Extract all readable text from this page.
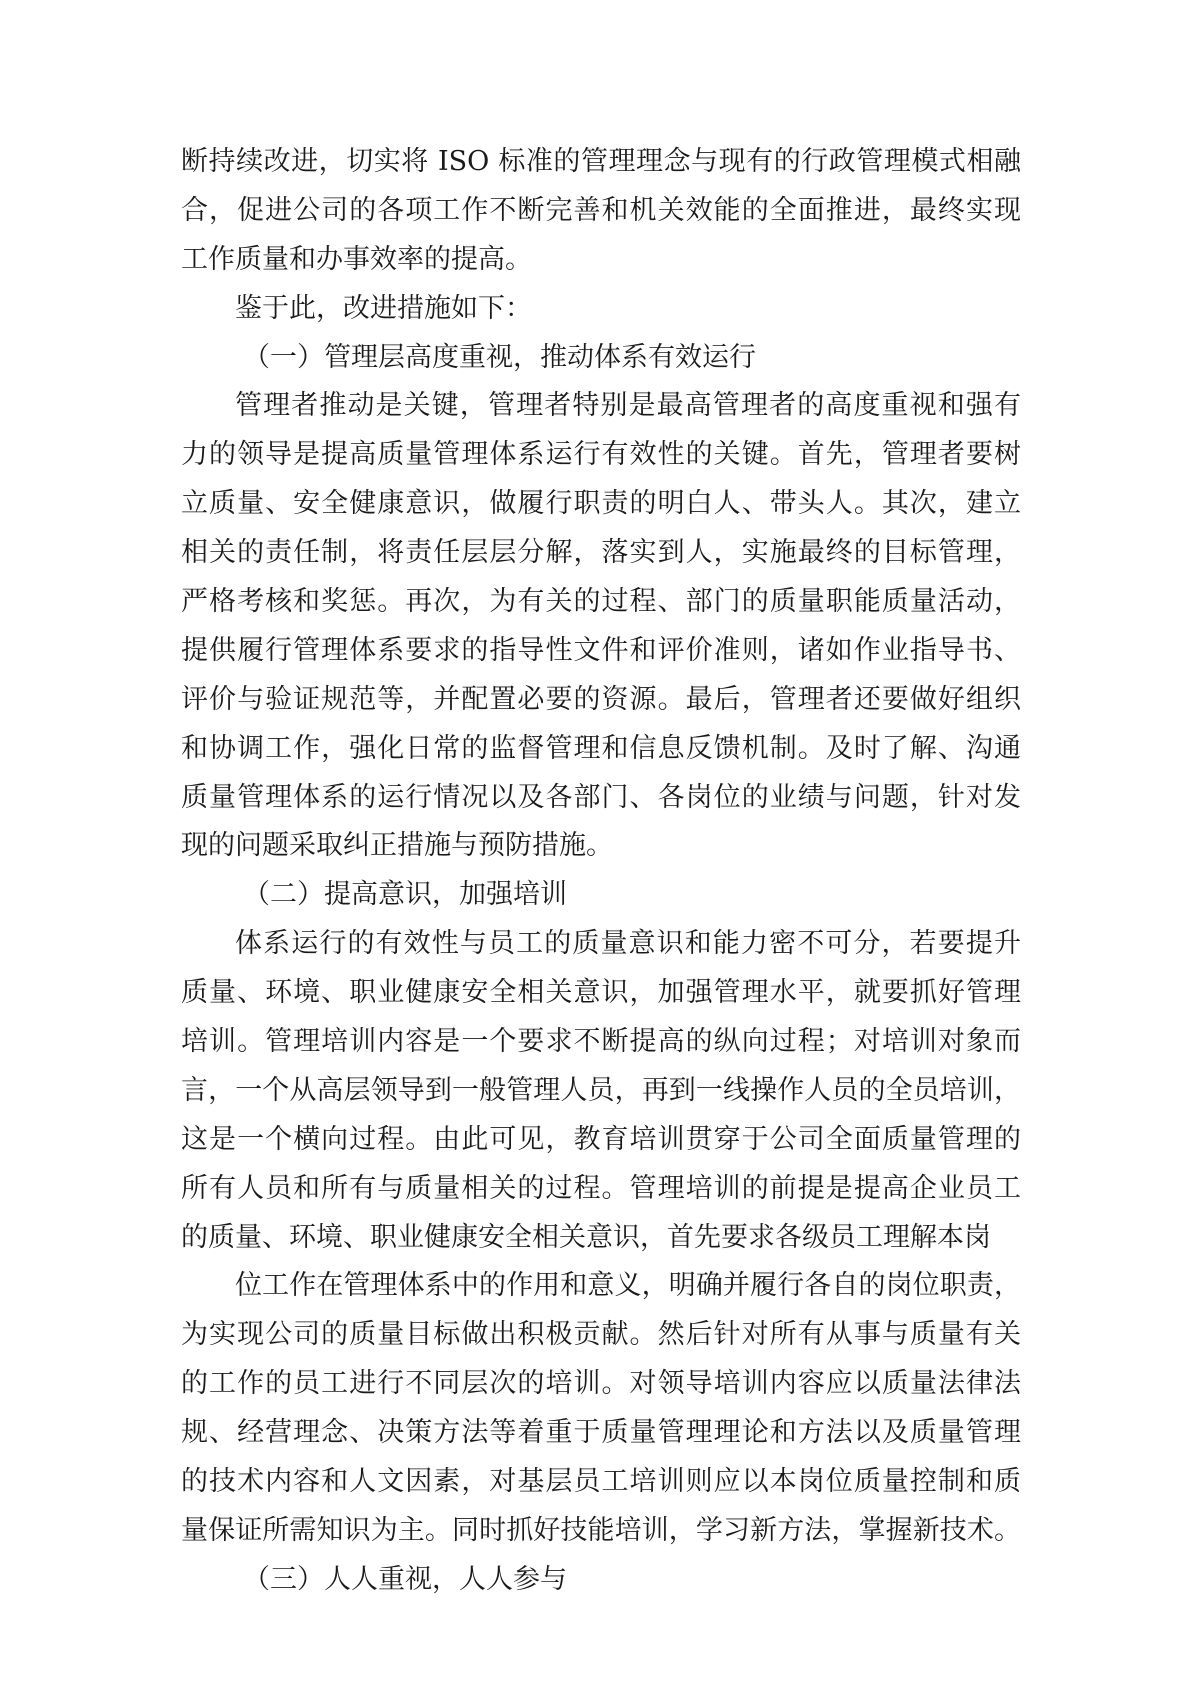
断持续改进，切实将 ISO 标准的管理理念与现有的行政管理模式相融
合，促进公司的各项工作不断完善和机关效能的全面推进，最终实现
工作质量和办事效率的提高。
鉴于此，改进措施如下：
（一）管理层高度重视，推动体系有效运行
管理者推动是关键，管理者特别是最高管理者的高度重视和强有
力的领导是提高质量管理体系运行有效性的关键。首先，管理者要树
立质量、安全健康意识，做履行职责的明白人、带头人。其次，建立
相关的责任制，将责任层层分解，落实到人，实施最终的目标管理，
严格考核和奖惩。再次，为有关的过程、部门的质量职能质量活动，
提供履行管理体系要求的指导性文件和评价准则，诸如作业指导书、
评价与验证规范等，并配置必要的资源。最后，管理者还要做好组织
和协调工作，强化日常的监督管理和信息反馈机制。及时了解、沟通
质量管理体系的运行情况以及各部门、各岗位的业绩与问题，针对发
现的问题采取纠正措施与预防措施。
（二）提高意识，加强培训
体系运行的有效性与员工的质量意识和能力密不可分，若要提升
质量、环境、职业健康安全相关意识，加强管理水平，就要抓好管理
培训。管理培训内容是一个要求不断提高的纵向过程；对培训对象而
言，一个从高层领导到一般管理人员，再到一线操作人员的全员培训，
这是一个横向过程。由此可见，教育培训贯穿于公司全面质量管理的
所有人员和所有与质量相关的过程。管理培训的前提是提高企业员工
的质量、环境、职业健康安全相关意识，首先要求各级员工理解本岗
位工作在管理体系中的作用和意义，明确并履行各自的岗位职责，
为实现公司的质量目标做出积极贡献。然后针对所有从事与质量有关
的工作的员工进行不同层次的培训。对领导培训内容应以质量法律法
规、经营理念、决策方法等着重于质量管理理论和方法以及质量管理
的技术内容和人文因素，对基层员工培训则应以本岗位质量控制和质
量保证所需知识为主。同时抓好技能培训，学习新方法，掌握新技术。
（三）人人重视，人人参与
